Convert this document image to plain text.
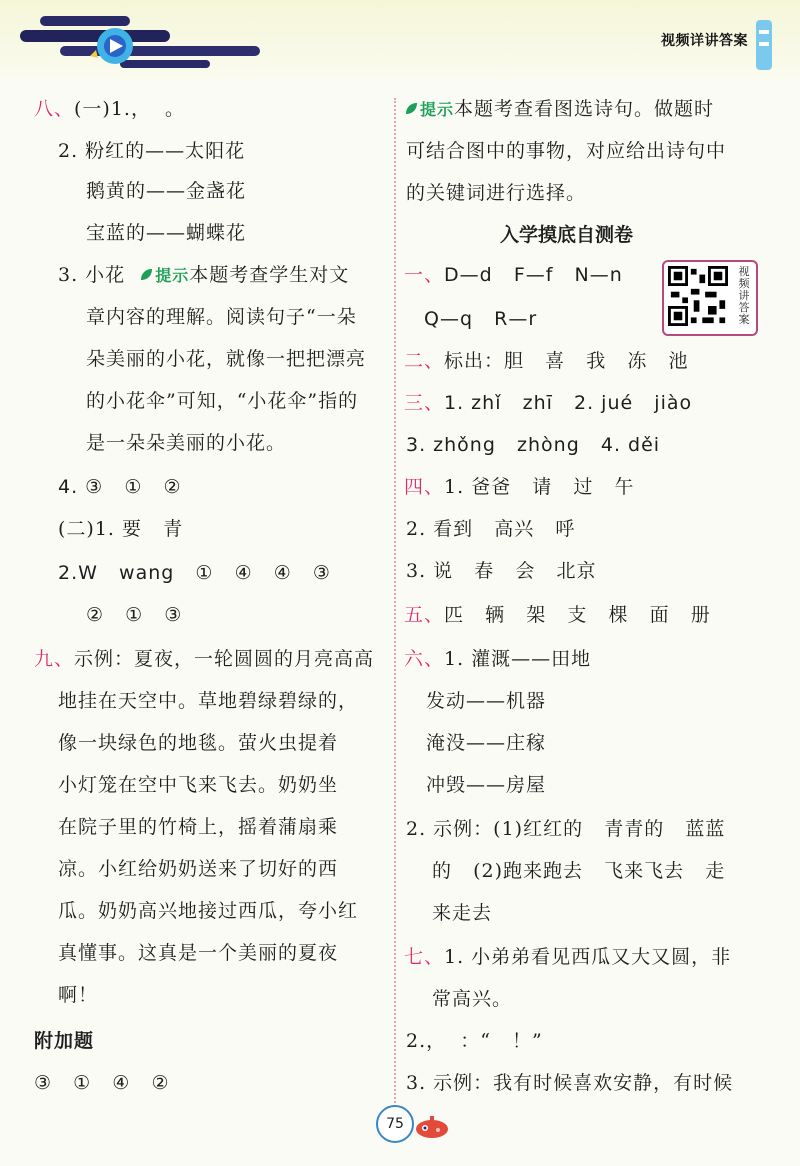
视频详讲答案
八、(一)1.，  。
2. 粉红的——太阳花
鹅黄的——金盏花
宝蓝的——蝴蝶花
3. 小花  提示本题考查学生对文
章内容的理解。阅读句子“一朵
朵美丽的小花，就像一把把漂亮
的小花伞”可知，“小花伞”指的
是一朵朵美丽的小花。
4. ③   ①   ②
(二)1. 要   青
2.W   wang   ①   ④   ④   ③
②   ①   ③
九、示例：夏夜，一轮圆圆的月亮高高
地挂在天空中。草地碧绿碧绿的，
像一块绿色的地毯。萤火虫提着
小灯笼在空中飞来飞去。奶奶坐
在院子里的竹椅上，摇着蒲扇乘
凉。小红给奶奶送来了切好的西
瓜。奶奶高兴地接过西瓜，夸小红
真懂事。这真是一个美丽的夏夜
啊！
附加题
③   ①   ④   ②
提示本题考查看图选诗句。做题时
可结合图中的事物，对应给出诗句中
的关键词进行选择。
入学摸底自测卷
视频讲答案
一、D—d   F—f   N—n
Q—q   R—r
二、标出：胆   喜   我   冻   池
三、1. zhǐ   zhī   2. jué   jiào
3. zhǒng   zhòng   4. děi
四、1. 爸爸   请   过   午
2. 看到   高兴   呼
3. 说   春   会   北京
五、匹   辆   架   支   棵   面   册
六、1. 灌溉——田地
发动——机器
淹没——庄稼
冲毁——房屋
2. 示例：(1)红红的   青青的   蓝蓝
的   (2)跑来跑去   飞来飞去   走
来走去
七、1. 小弟弟看见西瓜又大又圆，非
常高兴。
2.，  ：“   ！”
3. 示例：我有时候喜欢安静，有时候
75
